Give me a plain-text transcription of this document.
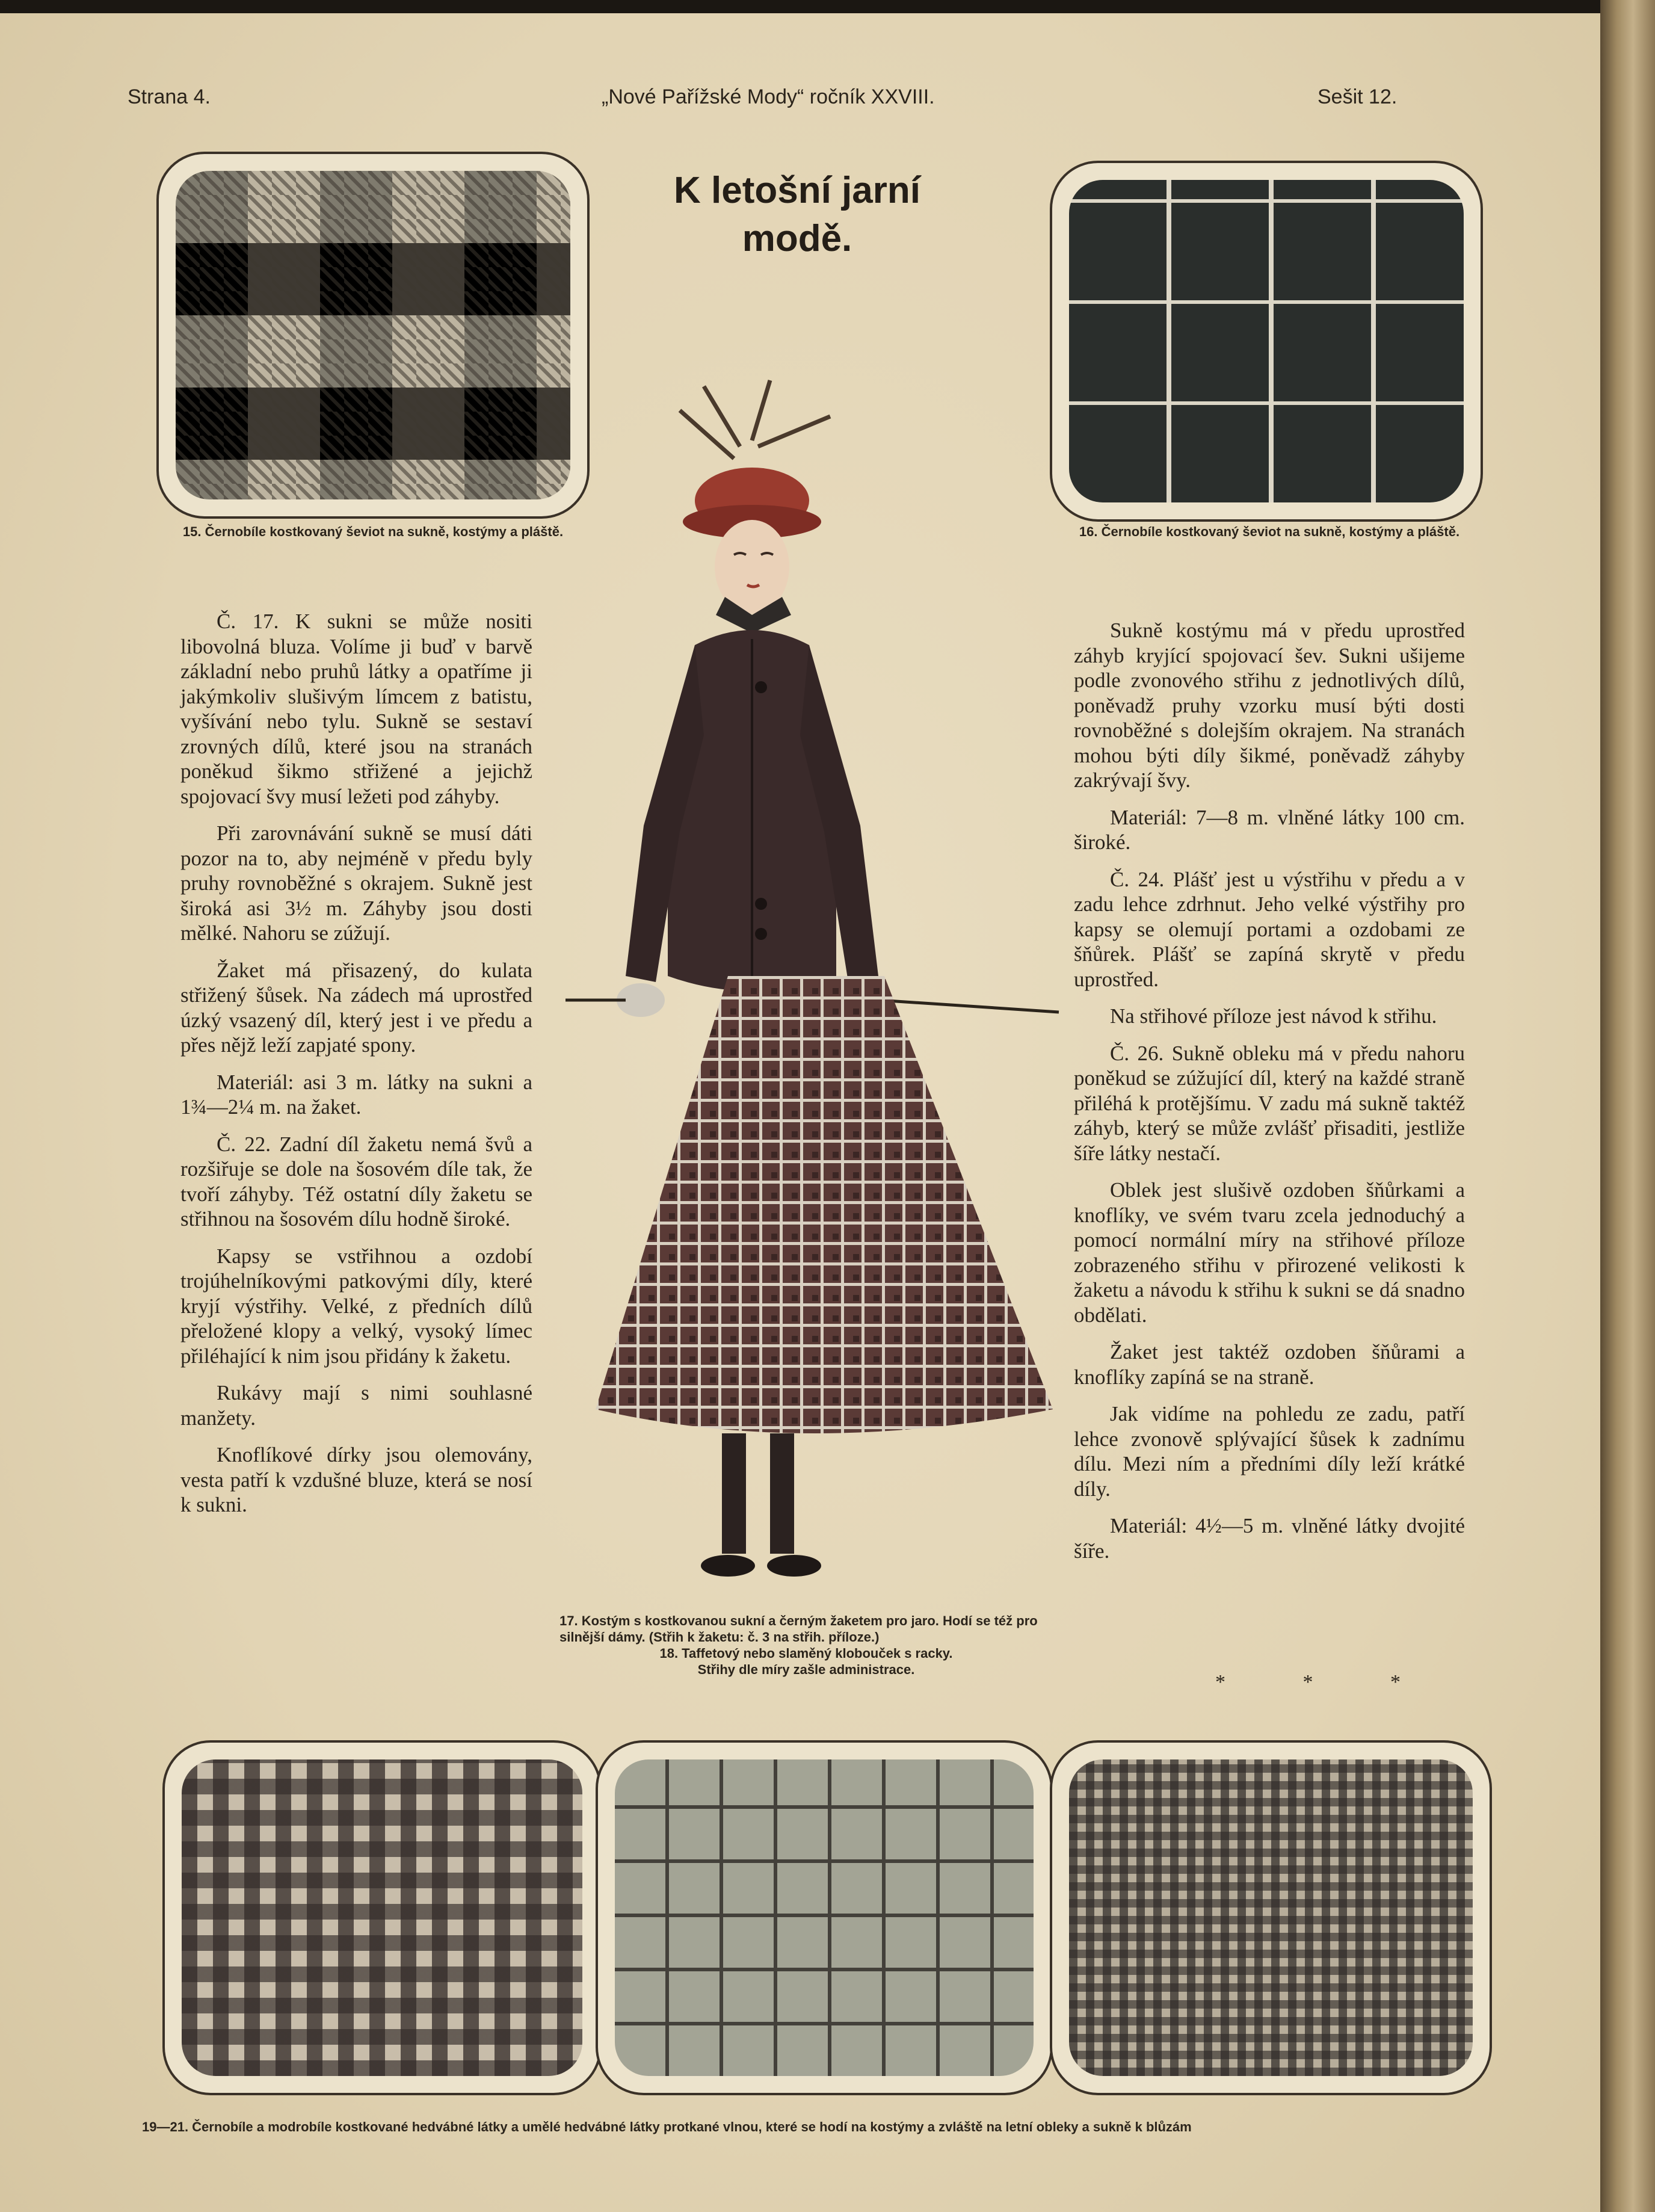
Strana 4.	„Nové Pařížské Mody“ ročník XXVIII.	Sešit 12.
K letošní jarní
modě.
15. Černobíle kostkovaný ševiot na sukně, kostýmy a pláště.	16. Černobíle kostkovaný ševiot na sukně, kostýmy a pláště.

Č. 17. K sukni se může nositi libovolná bluza. Volíme ji buď v barvě základní nebo pruhů látky a opatříme ji jakýmkoliv slušivým límcem z batistu, vyšívání nebo tylu. Sukně se sestaví zrovných dílů, které jsou na stranách poněkud šikmo střižené a jejichž spojovací švy musí ležeti pod záhyby.

Při zarovnávání sukně se musí dáti pozor na to, aby nejméně v předu byly pruhy rovnoběžné s okrajem. Sukně jest široká asi 3½ m. Záhyby jsou dosti mělké. Nahoru se zúžují.

Žaket má přisazený, do kulata střižený šůsek. Na zádech má uprostřed úzký vsazený díl, který jest i ve předu a přes nějž leží zapjaté spony.

Materiál: asi 3 m. látky na sukni a 1¾—2¼ m. na žaket.

Č. 22. Zadní díl žaketu nemá švů a rozšiřuje se dole na šosovém díle tak, že tvoří záhyby. Též ostatní díly žaketu se střihnou na šosovém dílu hodně široké.

Kapsy se vstřihnou a ozdobí trojúhelníkovými patkovými díly, které kryjí výstřihy. Velké, z předních dílů přeložené klopy a velký, vysoký límec přiléhající k nim jsou přidány k žaketu.

Rukávy mají s nimi souhlasné manžety.

Knoflíkové dírky jsou olemovány, vesta patří k vzdušné bluze, která se nosí k sukni.

17. Kostým s kostkovanou sukní a černým žaketem pro jaro. Hodí se též pro silnější dámy. (Střih k žaketu: č. 3 na střih. příloze.)
18. Taffetový nebo slaměný klobouček s racky.
Střihy dle míry zašle administrace.

Sukně kostýmu má v předu uprostřed záhyb kryjící spojovací šev. Sukni ušijeme podle zvonového střihu z jednotlivých dílů, poněvadž pruhy vzorku musí býti dosti rovnoběžné s dolejším okrajem. Na stranách mohou býti díly šikmé, poněvadž záhyby zakrývají švy.

Materiál: 7—8 m. vlněné látky 100 cm. široké.

Č. 24. Plášť jest u výstřihu v předu a v zadu lehce zdrhnut. Jeho velké výstřihy pro kapsy se olemují portami a ozdobami ze šňůrek. Plášť se zapíná skrytě v předu uprostřed.

Na střihové příloze jest návod k střihu.

Č. 26. Sukně obleku má v předu nahoru poněkud se zúžující díl, který na každé straně přiléhá k protějšímu. V zadu má sukně taktéž záhyb, který se může zvlášť přisaditi, jestliže šíře látky nestačí.

Oblek jest slušivě ozdoben šňůrkami a knoflíky, ve svém tvaru zcela jednoduchý a pomocí normální míry na střihové příloze zobrazeného střihu v přirozené velikosti k žaketu a návodu k střihu k sukni se dá snadno obdělati.

Žaket jest taktéž ozdoben šňůrami a knoflíky zapíná se na straně.

Jak vidíme na pohledu ze zadu, patří lehce zvonově splývající šůsek k zadnímu dílu. Mezi ním a předními díly leží krátké díly.

Materiál: 4½—5 m. vlněné látky dvojité šíře.

* * *
19—21. Černobíle a modrobíle kostkované hedvábné látky a umělé hedvábné látky protkané vlnou, které se hodí na kostýmy a zvláště na letní obleky a sukně k blůzám
